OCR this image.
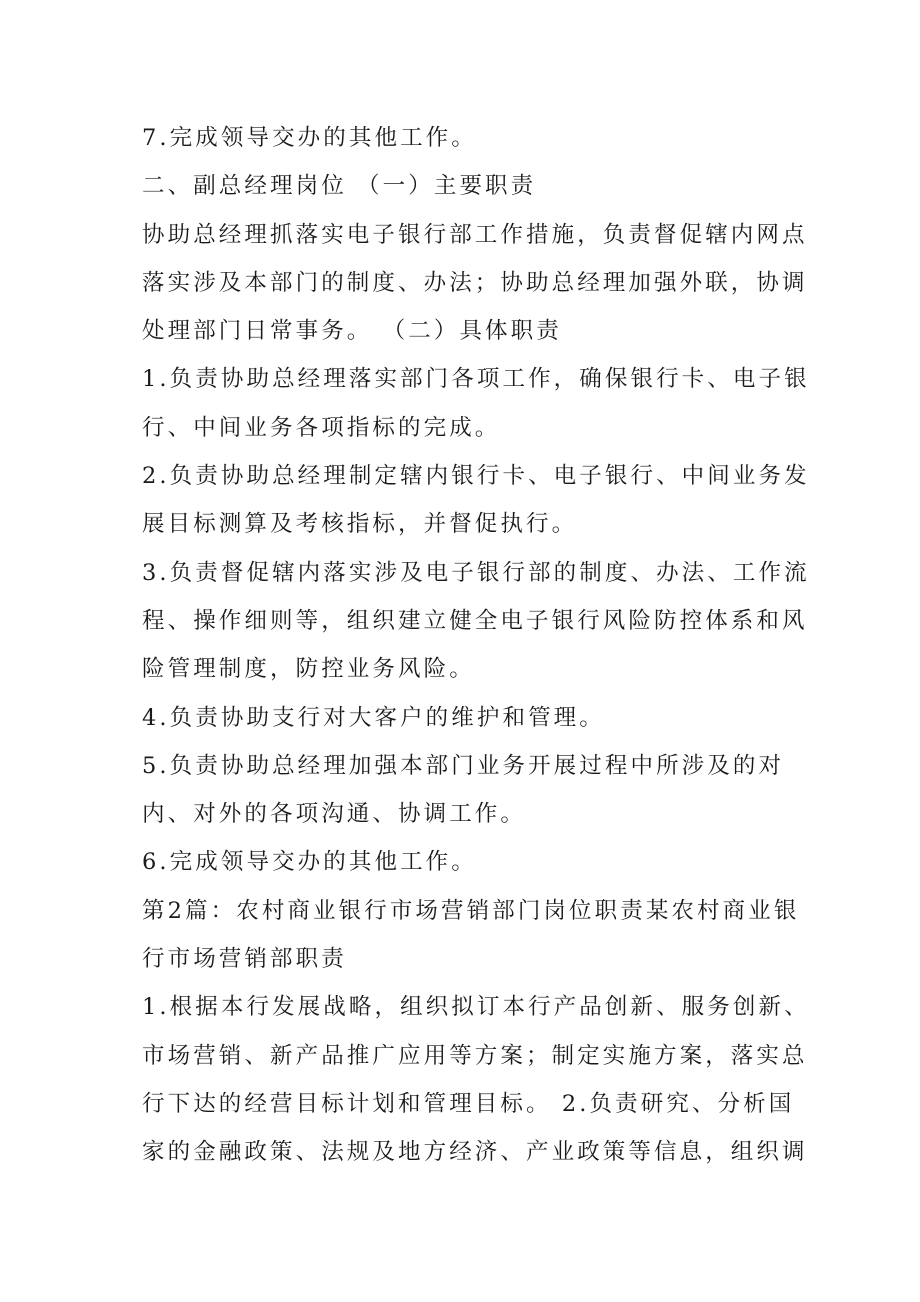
7.完成领导交办的其他工作。
二、副总经理岗位 （一）主要职责
协助总经理抓落实电子银行部工作措施，负责督促辖内网点
落实涉及本部门的制度、办法；协助总经理加强外联，协调
处理部门日常事务。 （二）具体职责
1.负责协助总经理落实部门各项工作，确保银行卡、电子银
行、中间业务各项指标的完成。
2.负责协助总经理制定辖内银行卡、电子银行、中间业务发
展目标测算及考核指标，并督促执行。
3.负责督促辖内落实涉及电子银行部的制度、办法、工作流
程、操作细则等，组织建立健全电子银行风险防控体系和风
险管理制度，防控业务风险。
4.负责协助支行对大客户的维护和管理。
5.负责协助总经理加强本部门业务开展过程中所涉及的对
内、对外的各项沟通、协调工作。
6.完成领导交办的其他工作。
第2篇：农村商业银行市场营销部门岗位职责某农村商业银
行市场营销部职责
1.根据本行发展战略，组织拟订本行产品创新、服务创新、
市场营销、新产品推广应用等方案；制定实施方案，落实总
行下达的经营目标计划和管理目标。 2.负责研究、分析国
家的金融政策、法规及地方经济、产业政策等信息，组织调
